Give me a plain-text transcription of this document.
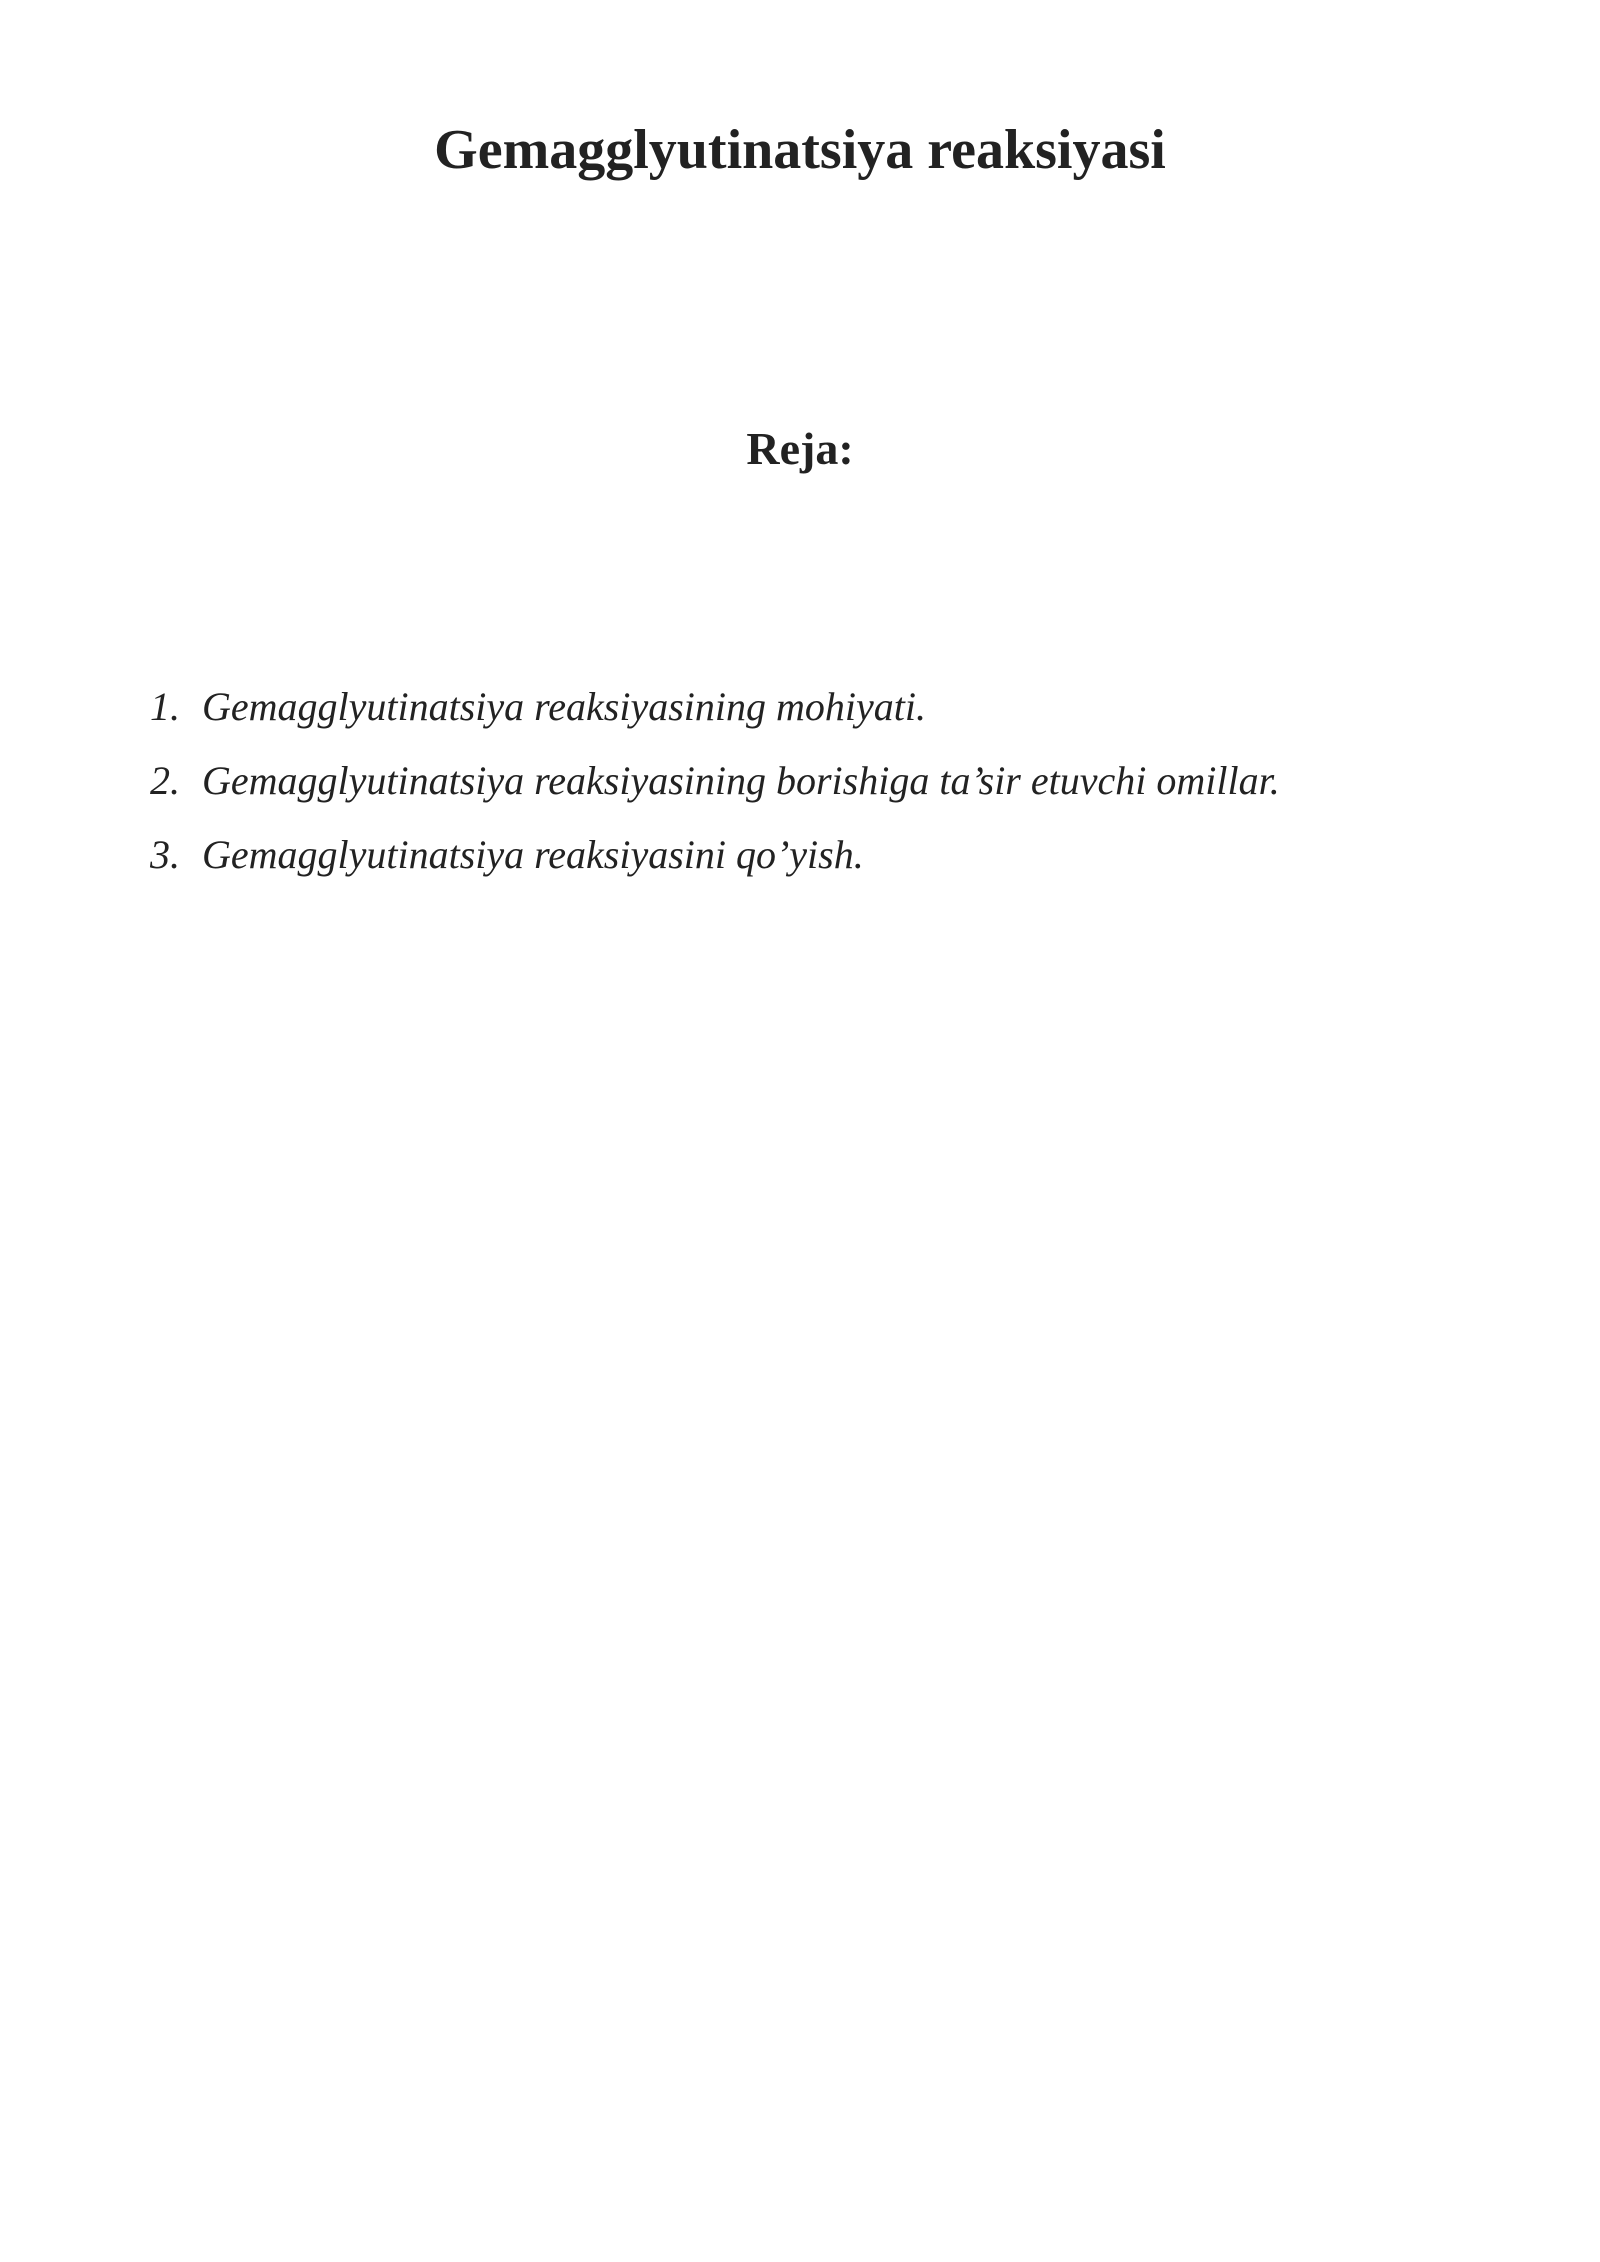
Gemagglyutinatsiya reaksiyasi
Reja:
1. Gemagglyutinatsiya reaksiyasining mohiyati.
2. Gemagglyutinatsiya reaksiyasining borishiga ta’sir etuvchi omillar.
3. Gemagglyutinatsiya reaksiyasini qo’yish.
